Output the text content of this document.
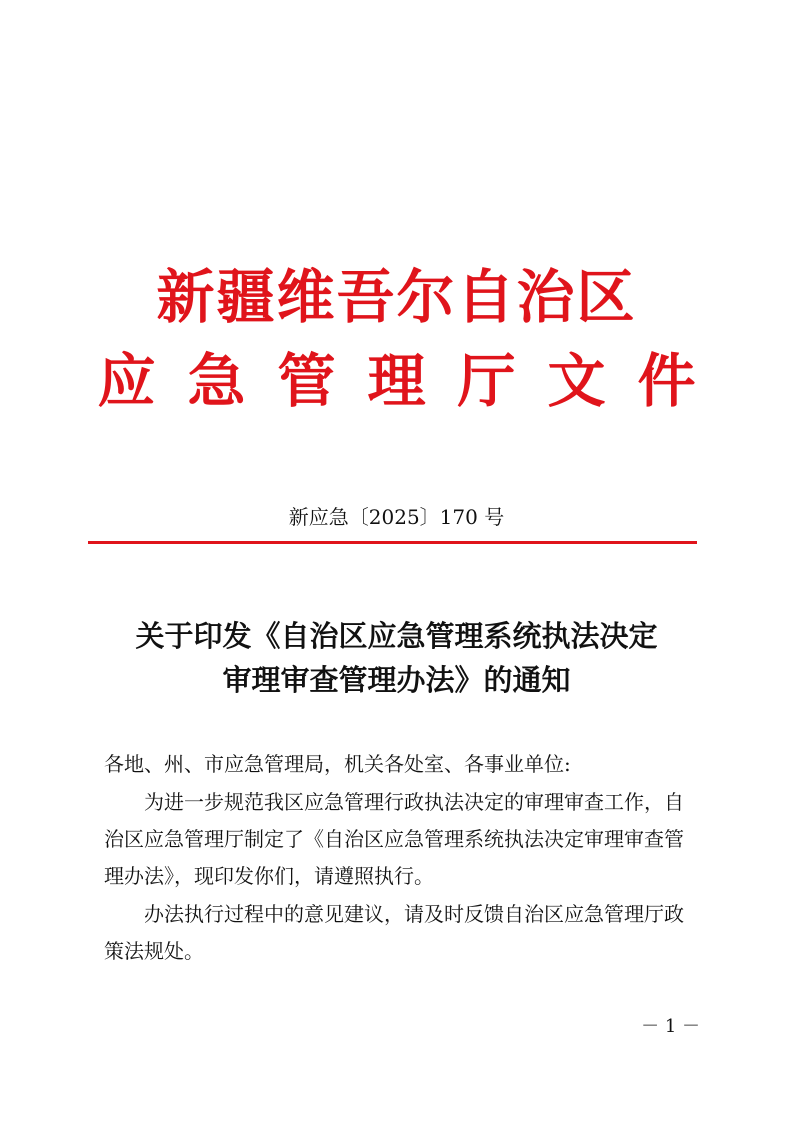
新疆维吾尔自治区
应急管理厅文件
新应急〔2025〕170 号
关于印发《自治区应急管理系统执法决定
审理审查管理办法》的通知
各地、州、市应急管理局，机关各处室、各事业单位:
为进一步规范我区应急管理行政执法决定的审理审查工作，自治区应急管理厅制定了《自治区应急管理系统执法决定审理审查管理办法》，现印发你们，请遵照执行。
办法执行过程中的意见建议，请及时反馈自治区应急管理厅政策法规处。
－ 1 －
